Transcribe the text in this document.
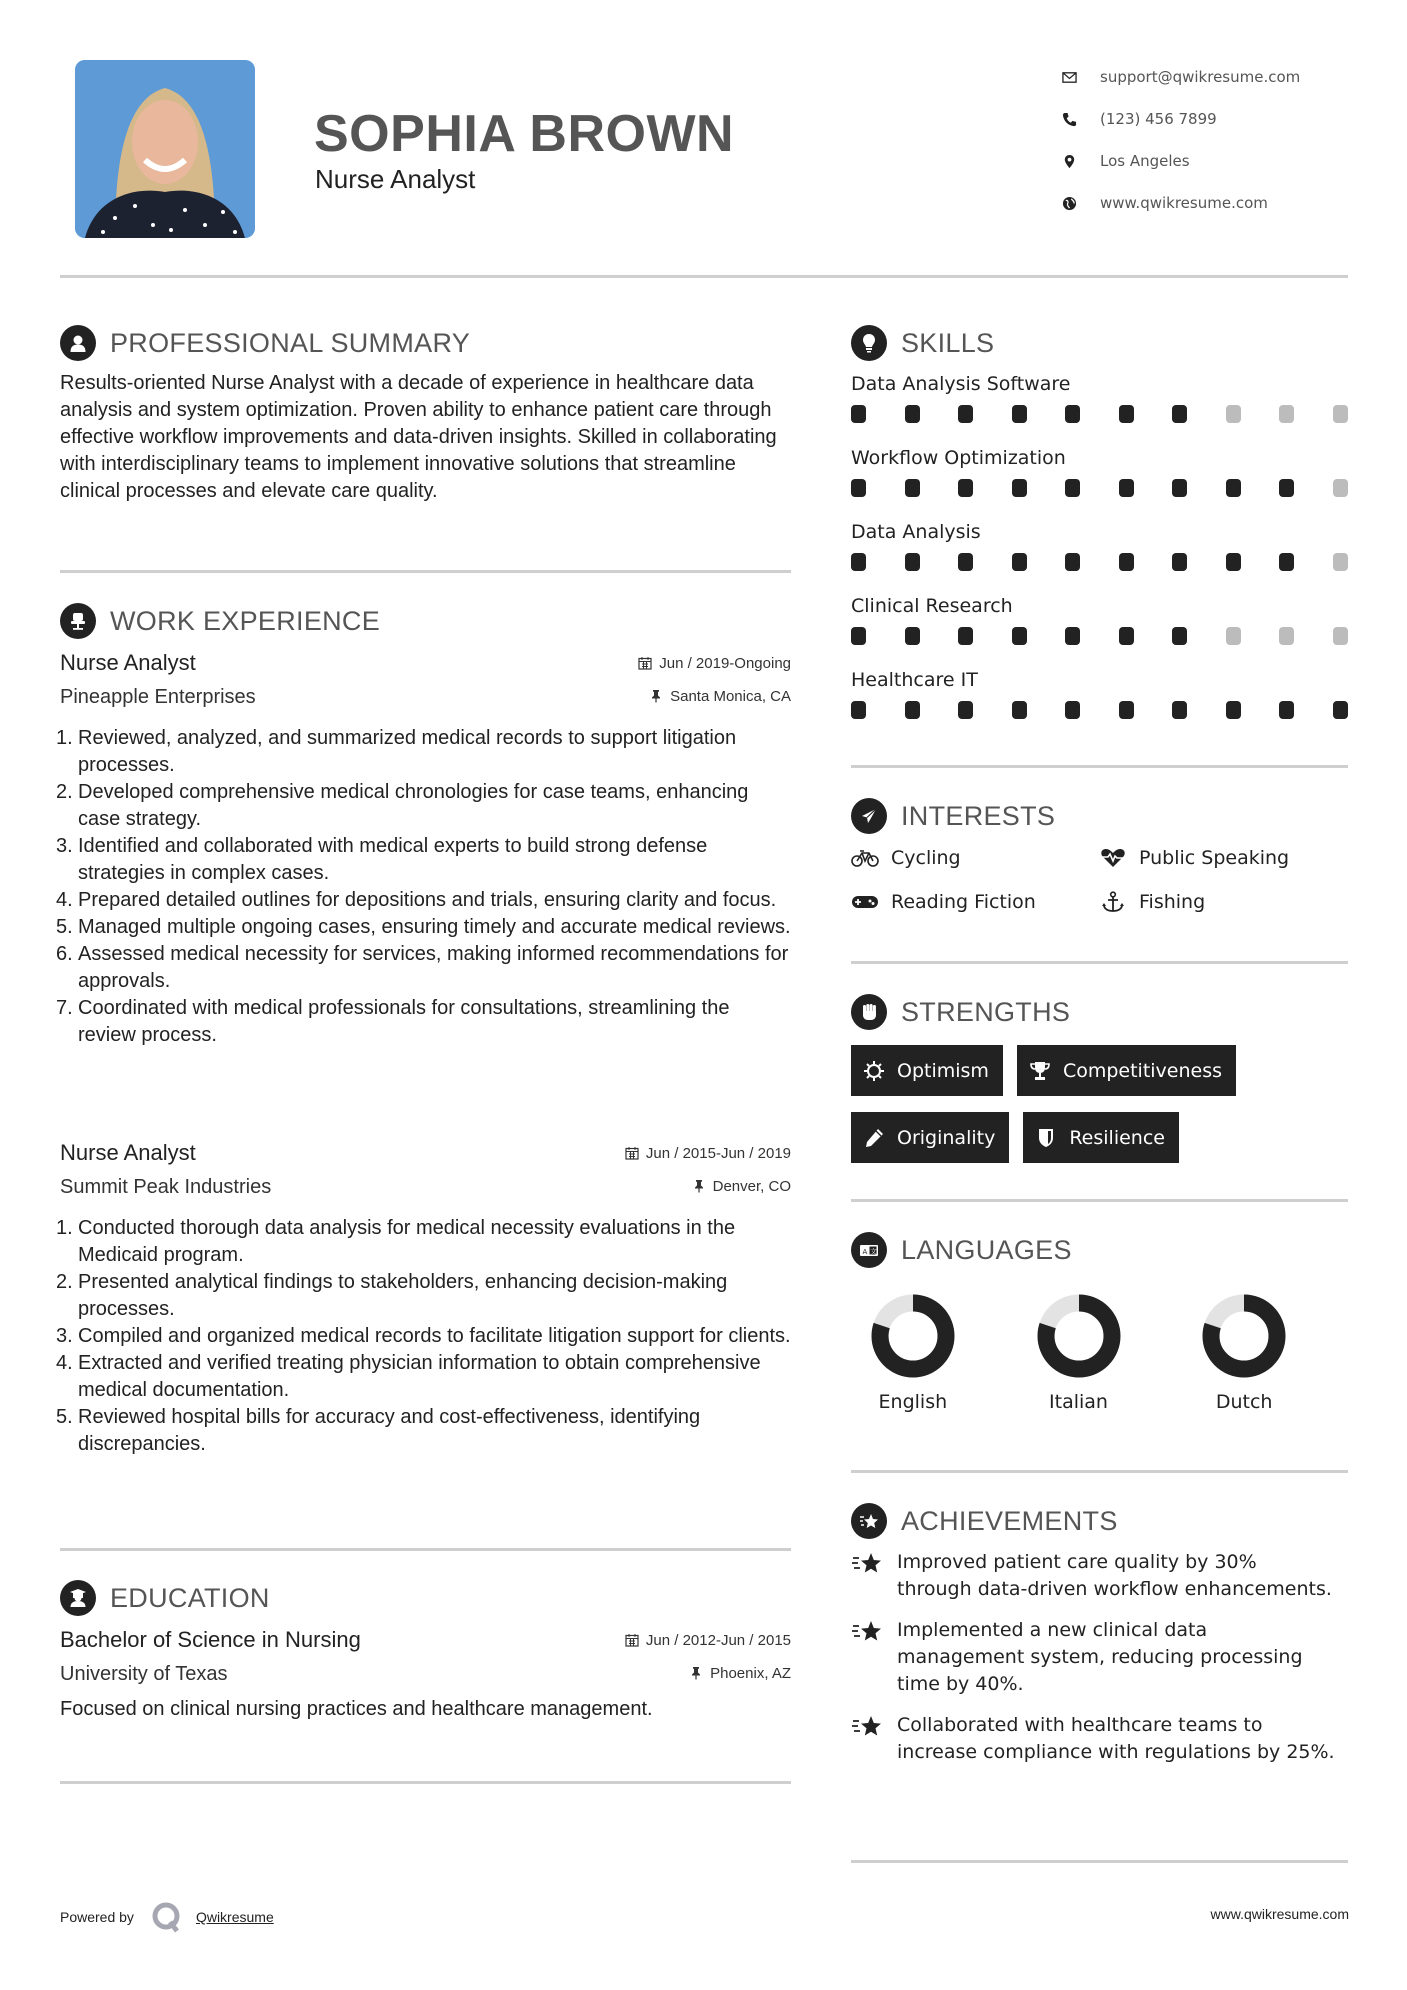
SOPHIA BROWN
Nurse Analyst
support@qwikresume.com
(123) 456 7899
Los Angeles
www.qwikresume.com
PROFESSIONAL SUMMARY
Results-oriented Nurse Analyst with a decade of experience in healthcare data analysis and system optimization. Proven ability to enhance patient care through effective workflow improvements and data-driven insights. Skilled in collaborating with interdisciplinary teams to implement innovative solutions that streamline clinical processes and elevate care quality.
WORK EXPERIENCE
Nurse Analyst	Jun / 2019-Ongoing
Pineapple Enterprises	Santa Monica, CA
Reviewed, analyzed, and summarized medical records to support litigation processes.
Developed comprehensive medical chronologies for case teams, enhancing case strategy.
Identified and collaborated with medical experts to build strong defense strategies in complex cases.
Prepared detailed outlines for depositions and trials, ensuring clarity and focus.
Managed multiple ongoing cases, ensuring timely and accurate medical reviews.
Assessed medical necessity for services, making informed recommendations for approvals.
Coordinated with medical professionals for consultations, streamlining the review process.
Nurse Analyst	Jun / 2015-Jun / 2019
Summit Peak Industries	Denver, CO
Conducted thorough data analysis for medical necessity evaluations in the Medicaid program.
Presented analytical findings to stakeholders, enhancing decision-making processes.
Compiled and organized medical records to facilitate litigation support for clients.
Extracted and verified treating physician information to obtain comprehensive medical documentation.
Reviewed hospital bills for accuracy and cost-effectiveness, identifying discrepancies.
EDUCATION
Bachelor of Science in Nursing	Jun / 2012-Jun / 2015
University of Texas	Phoenix, AZ
Focused on clinical nursing practices and healthcare management.
SKILLS
Data Analysis Software
Workflow Optimization
Data Analysis
Clinical Research
Healthcare IT
INTERESTS
Cycling	Public Speaking
Reading Fiction	Fishing
STRENGTHS
Optimism	Competitiveness
Originality	Resilience
A 文 LANGUAGES
English	Italian	Dutch
ACHIEVEMENTS
Improved patient care quality by 30% through data-driven workflow enhancements.
Implemented a new clinical data management system, reducing processing time by 40%.
Collaborated with healthcare teams to increase compliance with regulations by 25%.
Powered by	Qwikresume	www.qwikresume.com
